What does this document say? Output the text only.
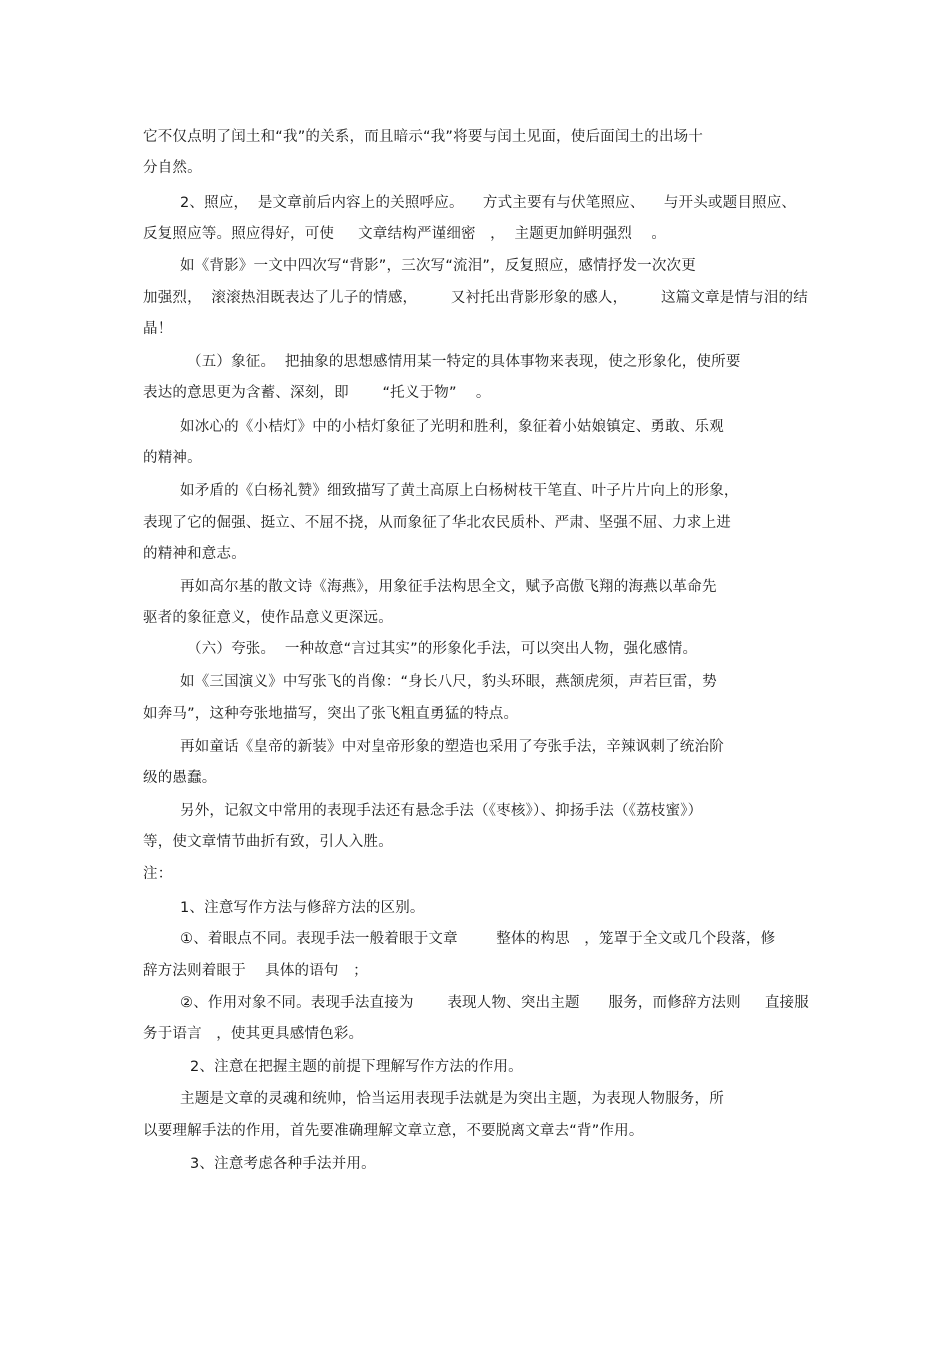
它不仅点明了闰土和“我”的关系，而且暗示“我”将要与闰土见面，使后面闰土的出场十
分自然。
2、照应，  是文章前后内容上的关照呼应。    方式主要有与伏笔照应、    与开头或题目照应、
反复照应等。照应得好，可使     文章结构严谨细密   ，  主题更加鲜明强烈    。
如《背影》一文中四次写“背影”，三次写“流泪”，反复照应，感情抒发一次次更
加强烈，  滚滚热泪既表达了儿子的情感，       又衬托出背影形象的感人，       这篇文章是情与泪的结
晶！
（五）象征。  把抽象的思想感情用某一特定的具体事物来表现，使之形象化，使所要
表达的意思更为含蓄、深刻，即       “托义于物”    。
如冰心的《小桔灯》中的小桔灯象征了光明和胜利，象征着小姑娘镇定、勇敢、乐观
的精神。
如矛盾的《白杨礼赞》细致描写了黄土高原上白杨树枝干笔直、叶子片片向上的形象，
表现了它的倔强、挺立、不屈不挠，从而象征了华北农民质朴、严肃、坚强不屈、力求上进
的精神和意志。
再如高尔基的散文诗《海燕》，用象征手法构思全文，赋予高傲飞翔的海燕以革命先
驱者的象征意义，使作品意义更深远。
（六）夸张。  一种故意“言过其实”的形象化手法，可以突出人物，强化感情。
如《三国演义》中写张飞的肖像：“身长八尺，豹头环眼，燕颔虎须，声若巨雷，势
如奔马”，这种夸张地描写，突出了张飞粗直勇猛的特点。
再如童话《皇帝的新装》中对皇帝形象的塑造也采用了夸张手法，辛辣讽刺了统治阶
级的愚蠢。
另外，记叙文中常用的表现手法还有悬念手法（《枣核》）、抑扬手法（《荔枝蜜》）
等，使文章情节曲折有致，引人入胜。
注：
1、注意写作方法与修辞方法的区别。
①、着眼点不同。表现手法一般着眼于文章        整体的构思   ，笼罩于全文或几个段落，修
辞方法则着眼于    具体的语句   ；
②、作用对象不同。表现手法直接为       表现人物、突出主题      服务，而修辞方法则     直接服
务于语言   ，使其更具感情色彩。
2、注意在把握主题的前提下理解写作方法的作用。
主题是文章的灵魂和统帅，恰当运用表现手法就是为突出主题，为表现人物服务，所
以要理解手法的作用，首先要准确理解文章立意，不要脱离文章去“背”作用。
3、注意考虑各种手法并用。
